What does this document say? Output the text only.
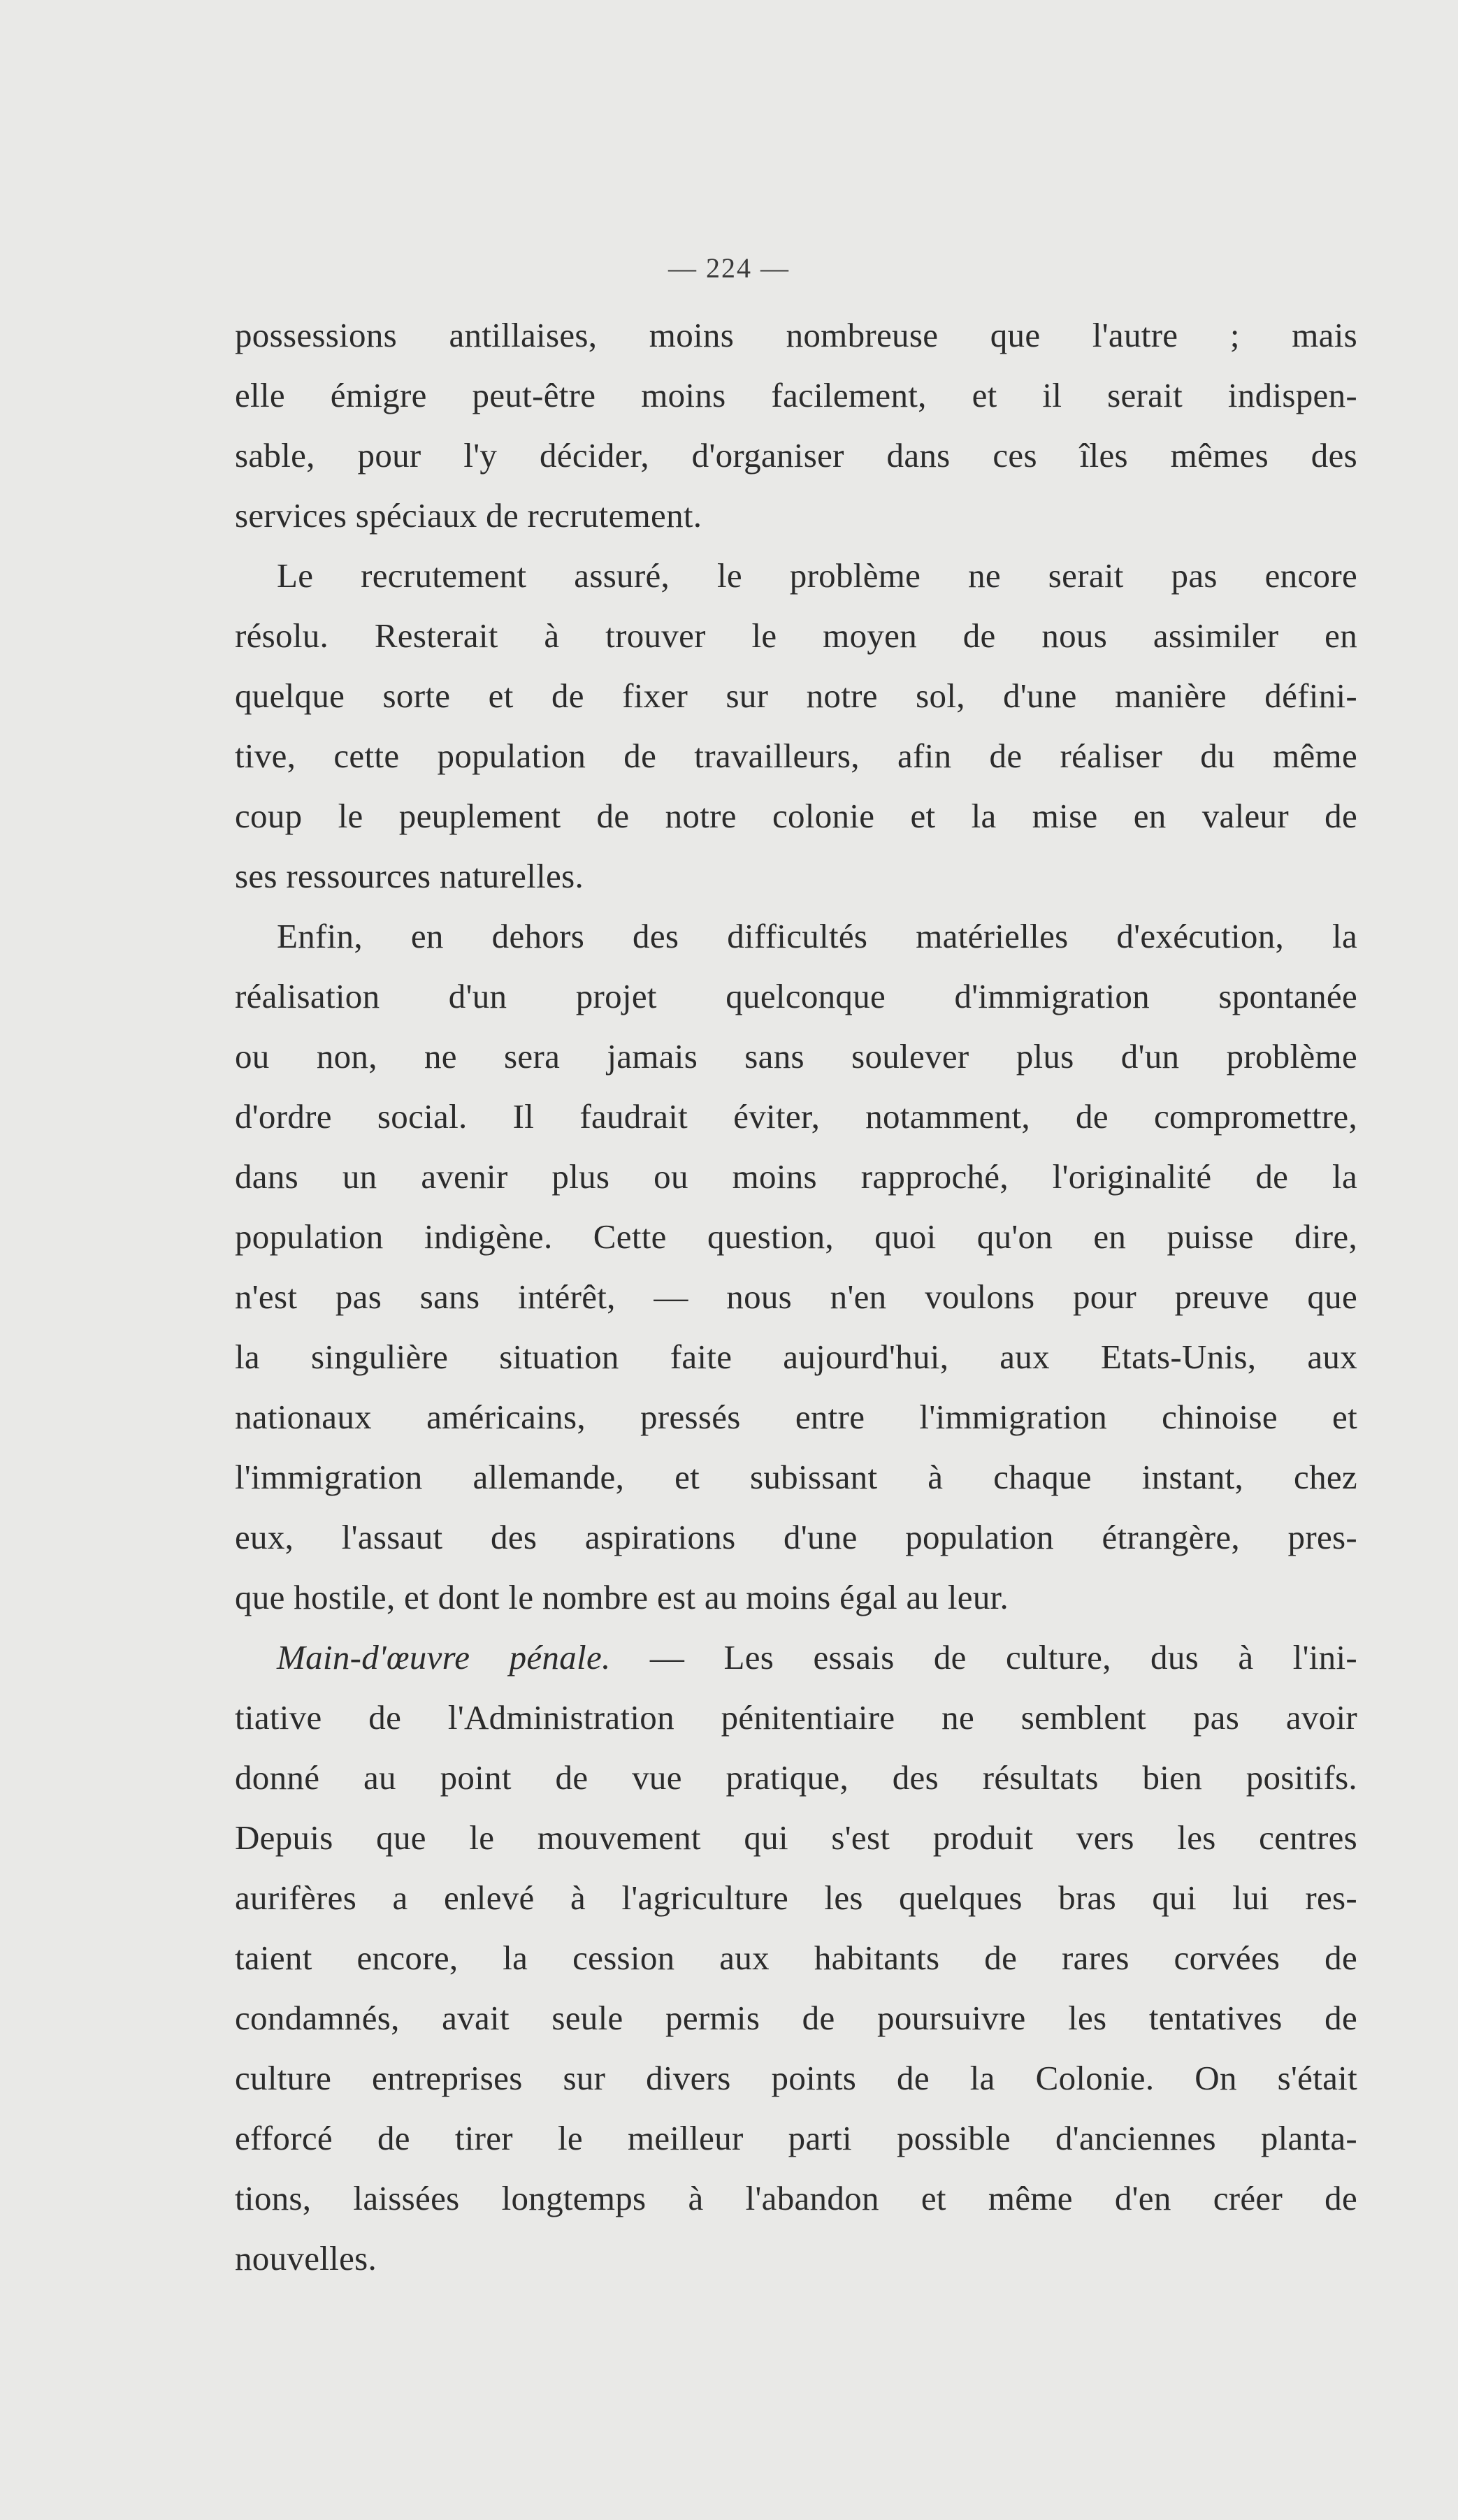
— 224 —
possessions antillaises, moins nombreuse que l'autre ; mais
elle émigre peut-être moins facilement, et il serait indispen-
sable, pour l'y décider, d'organiser dans ces îles mêmes des
services spéciaux de recrutement.
Le recrutement assuré, le problème ne serait pas encore
résolu. Resterait à trouver le moyen de nous assimiler en
quelque sorte et de fixer sur notre sol, d'une manière défini-
tive, cette population de travailleurs, afin de réaliser du même
coup le peuplement de notre colonie et la mise en valeur de
ses ressources naturelles.
Enfin, en dehors des difficultés matérielles d'exécution, la
réalisation d'un projet quelconque d'immigration spontanée
ou non, ne sera jamais sans soulever plus d'un problème
d'ordre social. Il faudrait éviter, notamment, de compromettre,
dans un avenir plus ou moins rapproché, l'originalité de la
population indigène. Cette question, quoi qu'on en puisse dire,
n'est pas sans intérêt, — nous n'en voulons pour preuve que
la singulière situation faite aujourd'hui, aux Etats-Unis, aux
nationaux américains, pressés entre l'immigration chinoise et
l'immigration allemande, et subissant à chaque instant, chez
eux, l'assaut des aspirations d'une population étrangère, pres-
que hostile, et dont le nombre est au moins égal au leur.
Main-d'œuvre pénale. — Les essais de culture, dus à l'ini-
tiative de l'Administration pénitentiaire ne semblent pas avoir
donné au point de vue pratique, des résultats bien positifs.
Depuis que le mouvement qui s'est produit vers les centres
aurifères a enlevé à l'agriculture les quelques bras qui lui res-
taient encore, la cession aux habitants de rares corvées de
condamnés, avait seule permis de poursuivre les tentatives de
culture entreprises sur divers points de la Colonie. On s'était
efforcé de tirer le meilleur parti possible d'anciennes planta-
tions, laissées longtemps à l'abandon et même d'en créer de
nouvelles.
